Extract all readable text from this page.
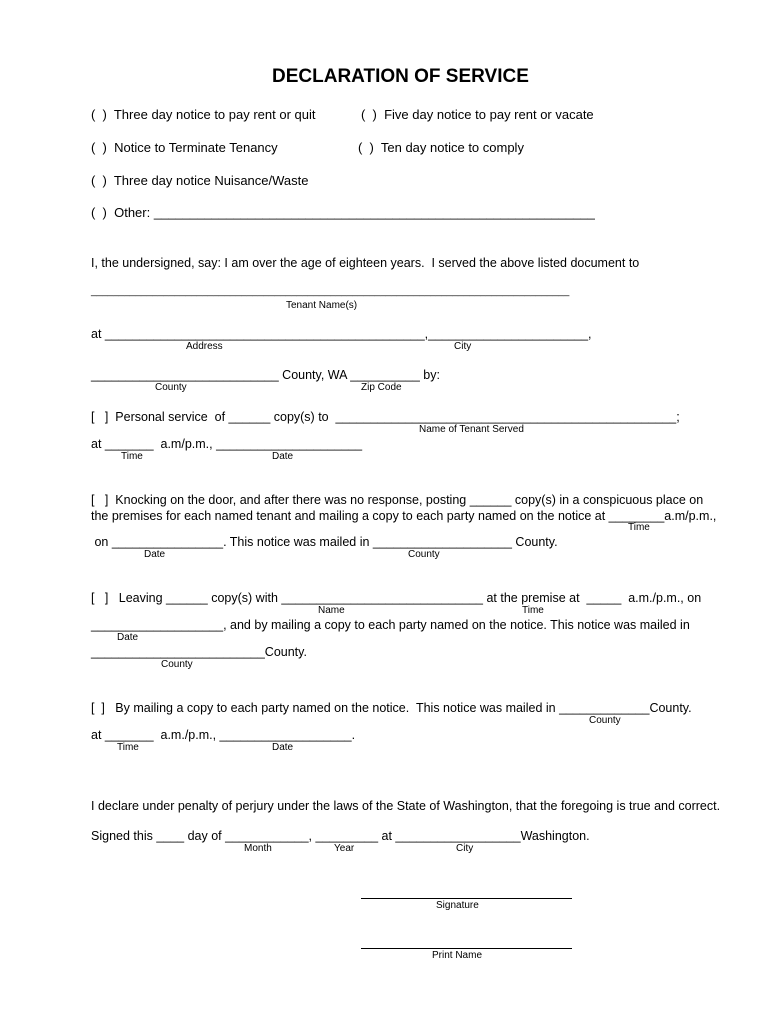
DECLARATION OF SERVICE
(  )  Three day notice to pay rent or quit	(  )  Five day notice to pay rent or vacate
(  )  Notice to Terminate Tenancy	(  )  Ten day notice to comply
(  )  Three day notice Nuisance/Waste
(  )  Other: _____________________________________________________________
I, the undersigned, say: I am over the age of eighteen years.  I served the above listed document to
______________________________________________________________________________________
Tenant Name(s)
at ______________________________________________,_______________________,
Address	City
___________________________ County, WA __________ by:
County	Zip Code
[   ]  Personal service  of ______ copy(s) to  _________________________________________________;
Name of Tenant Served
at _______  a.m/p.m., _____________________
Time	Date
[   ]  Knocking on the door, and after there was no response, posting ______ copy(s) in a conspicuous place on
the premises for each named tenant and mailing a copy to each party named on the notice at ________a.m/p.m.,
Time
on ________________. This notice was mailed in ____________________ County.
Date	County
[   ]   Leaving ______ copy(s) with _____________________________ at the premise at  _____  a.m./p.m., on
Name	Time
___________________, and by mailing a copy to each party named on the notice. This notice was mailed in
Date
_________________________County.
County
[  ]   By mailing a copy to each party named on the notice.  This notice was mailed in _____________County.
County
at _______  a.m./p.m., ___________________.
Time	Date
I declare under penalty of perjury under the laws of the State of Washington, that the foregoing is true and correct.
Signed this ____ day of ____________, _________ at __________________Washington.
Month	Year	City
Signature
Print Name
